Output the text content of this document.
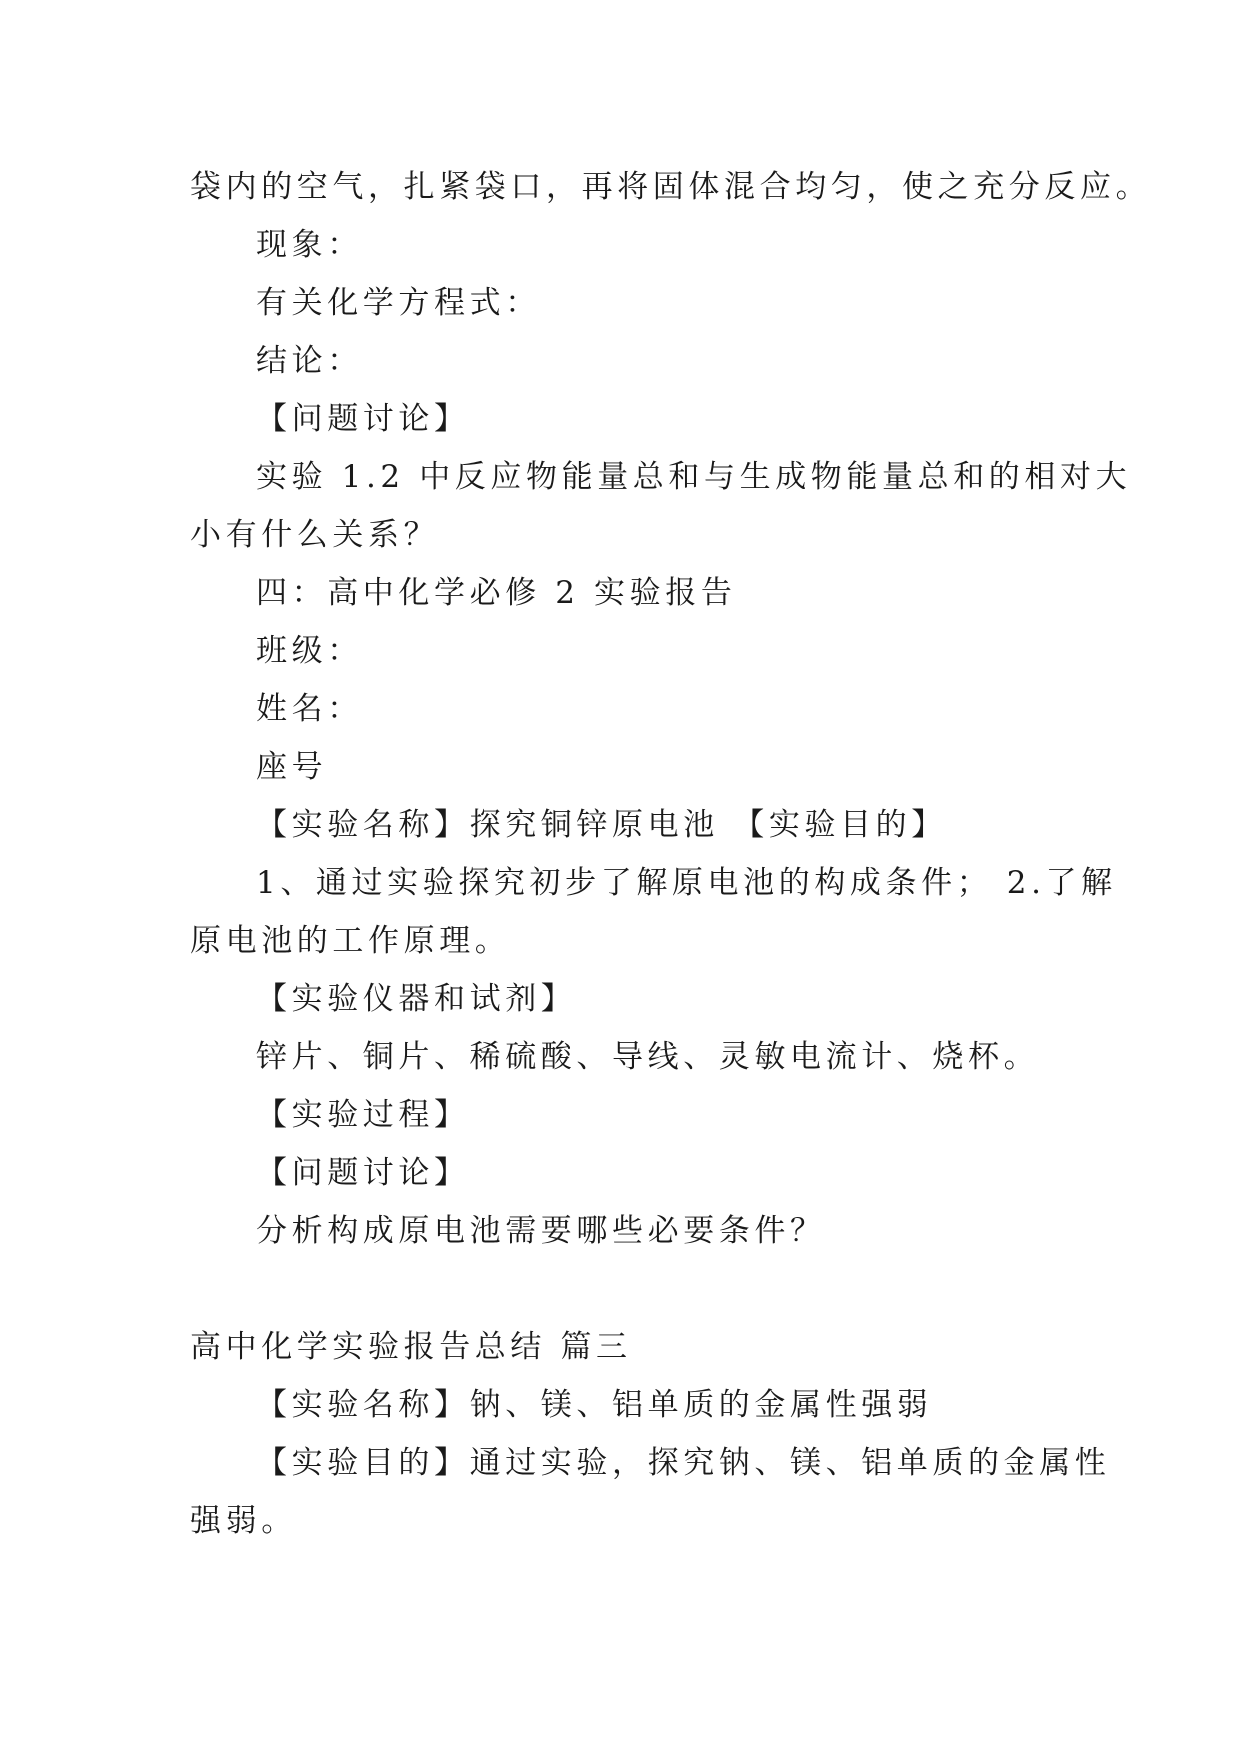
袋内的空气，扎紧袋口，再将固体混合均匀，使之充分反应。
现象：
有关化学方程式：
结论：
【问题讨论】
实验 1.2 中反应物能量总和与生成物能量总和的相对大
小有什么关系？
四：高中化学必修 2 实验报告
班级：
姓名：
座号
【实验名称】探究铜锌原电池 【实验目的】
1、通过实验探究初步了解原电池的构成条件； 2.了解
原电池的工作原理。
【实验仪器和试剂】
锌片、铜片、稀硫酸、导线、灵敏电流计、烧杯。
【实验过程】
【问题讨论】
分析构成原电池需要哪些必要条件？
高中化学实验报告总结 篇三
【实验名称】钠、镁、铝单质的金属性强弱
【实验目的】通过实验，探究钠、镁、铝单质的金属性
强弱。
